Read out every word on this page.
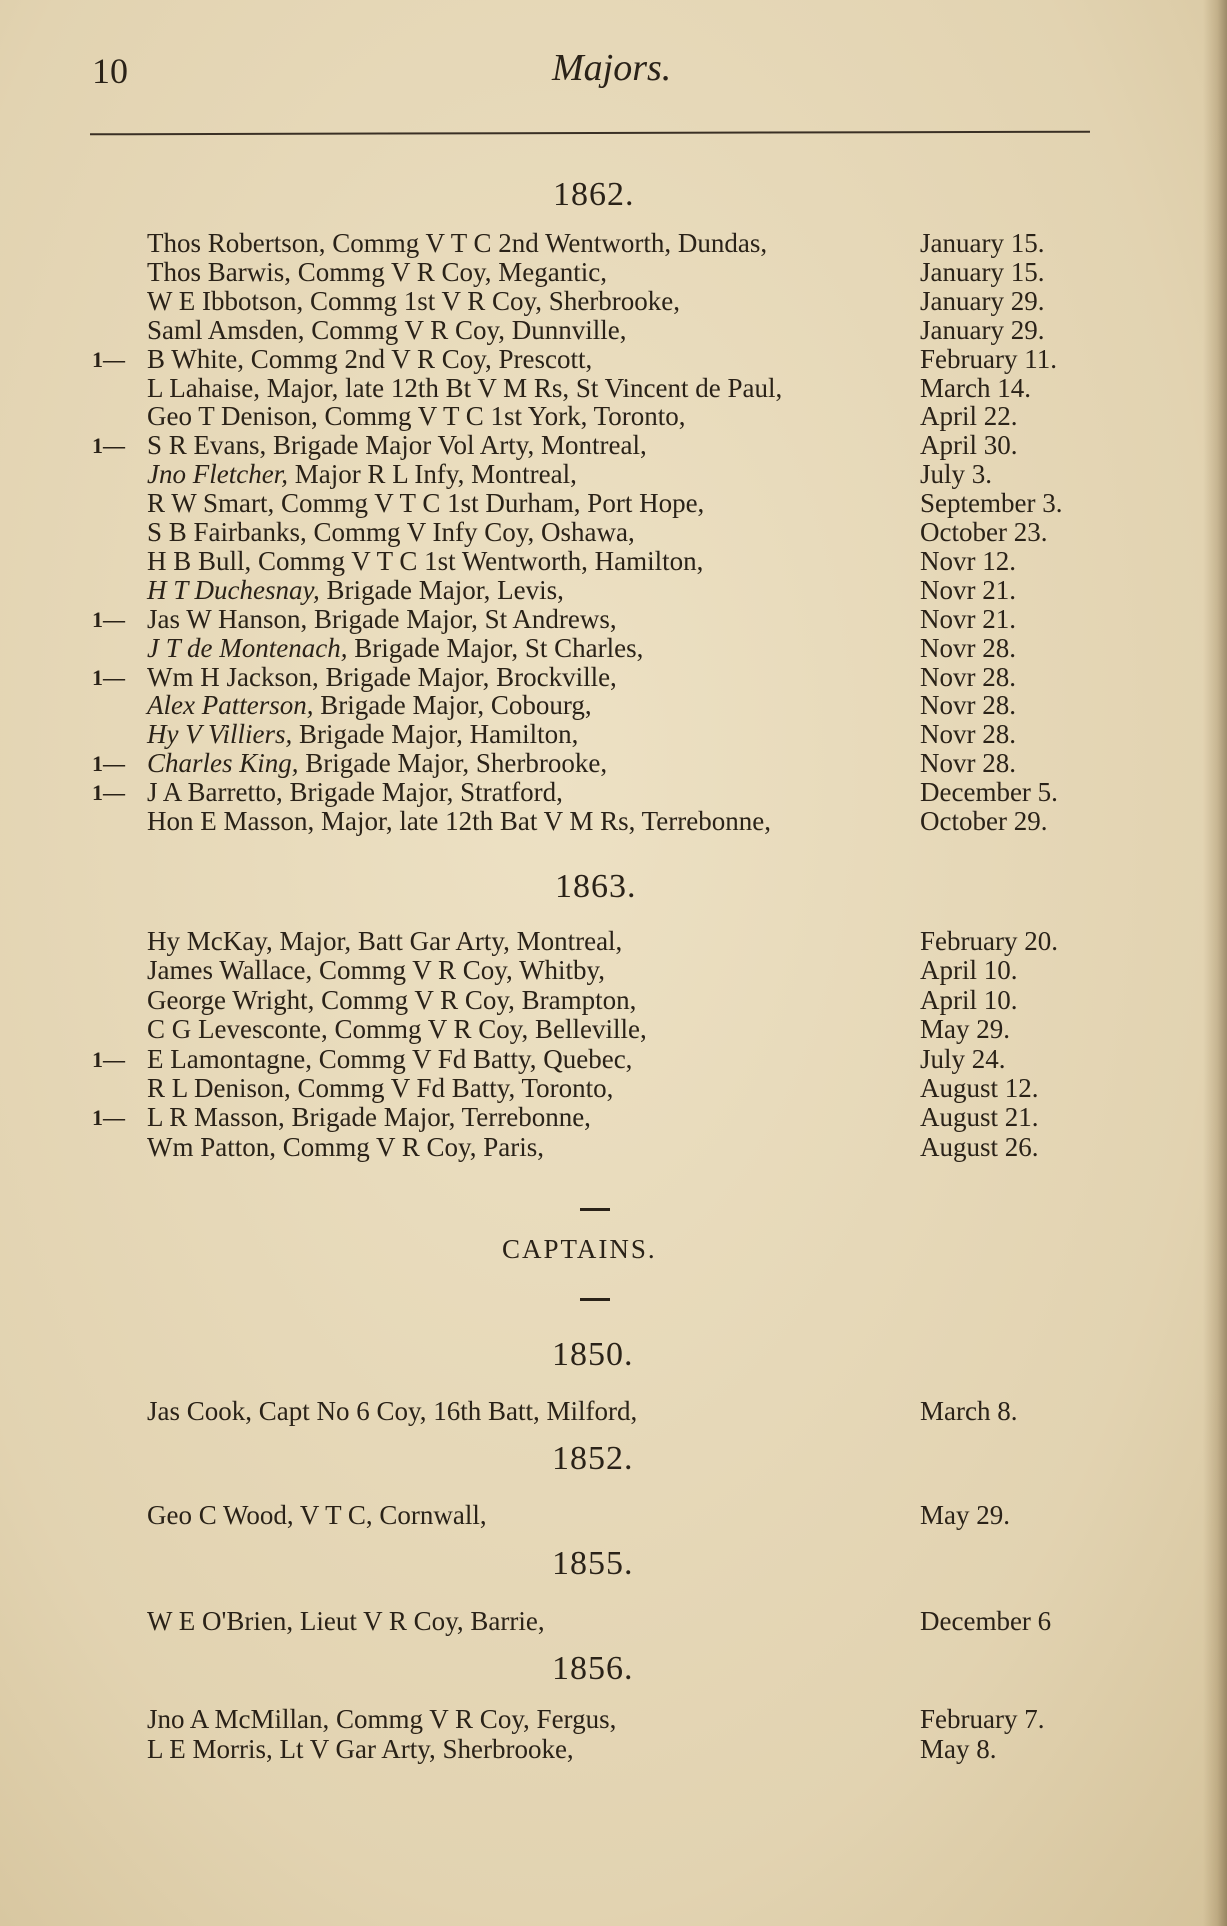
10	Majors.
1862.
Thos Robertson, Commg V T C 2nd Wentworth, Dundas,	January 15.
Thos Barwis, Commg V R Coy, Megantic,	January 15.
W E Ibbotson, Commg 1st V R Coy, Sherbrooke,	January 29.
Saml Amsden, Commg V R Coy, Dunnville,	January 29.
1— B White, Commg 2nd V R Coy, Prescott,	February 11.
L Lahaise, Major, late 12th Bt V M Rs, St Vincent de Paul,	March 14.
Geo T Denison, Commg V T C 1st York, Toronto,	April 22.
1— S R Evans, Brigade Major Vol Arty, Montreal,	April 30.
Jno Fletcher, Major R L Infy, Montreal,	July 3.
R W Smart, Commg V T C 1st Durham, Port Hope,	September 3.
S B Fairbanks, Commg V Infy Coy, Oshawa,	October 23.
H B Bull, Commg V T C 1st Wentworth, Hamilton,	Novr 12.
H T Duchesnay, Brigade Major, Levis,	Novr 21.
1— Jas W Hanson, Brigade Major, St Andrews,	Novr 21.
J T de Montenach, Brigade Major, St Charles,	Novr 28.
1— Wm H Jackson, Brigade Major, Brockville,	Novr 28.
Alex Patterson, Brigade Major, Cobourg,	Novr 28.
Hy V Villiers, Brigade Major, Hamilton,	Novr 28.
1— Charles King, Brigade Major, Sherbrooke,	Novr 28.
1— J A Barretto, Brigade Major, Stratford,	December 5.
Hon E Masson, Major, late 12th Bat V M Rs, Terrebonne,	October 29.
1863.
Hy McKay, Major, Batt Gar Arty, Montreal,	February 20.
James Wallace, Commg V R Coy, Whitby,	April 10.
George Wright, Commg V R Coy, Brampton,	April 10.
C G Levesconte, Commg V R Coy, Belleville,	May 29.
1— E Lamontagne, Commg V Fd Batty, Quebec,	July 24.
R L Denison, Commg V Fd Batty, Toronto,	August 12.
1— L R Masson, Brigade Major, Terrebonne,	August 21.
Wm Patton, Commg V R Coy, Paris,	August 26.
CAPTAINS.
1850.
Jas Cook, Capt No 6 Coy, 16th Batt, Milford,	March 8.
1852.
Geo C Wood, V T C, Cornwall,	May 29.
1855.
W E O'Brien, Lieut V R Coy, Barrie,	December 6
1856.
Jno A McMillan, Commg V R Coy, Fergus,	February 7.
L E Morris, Lt V Gar Arty, Sherbrooke,	May 8.
